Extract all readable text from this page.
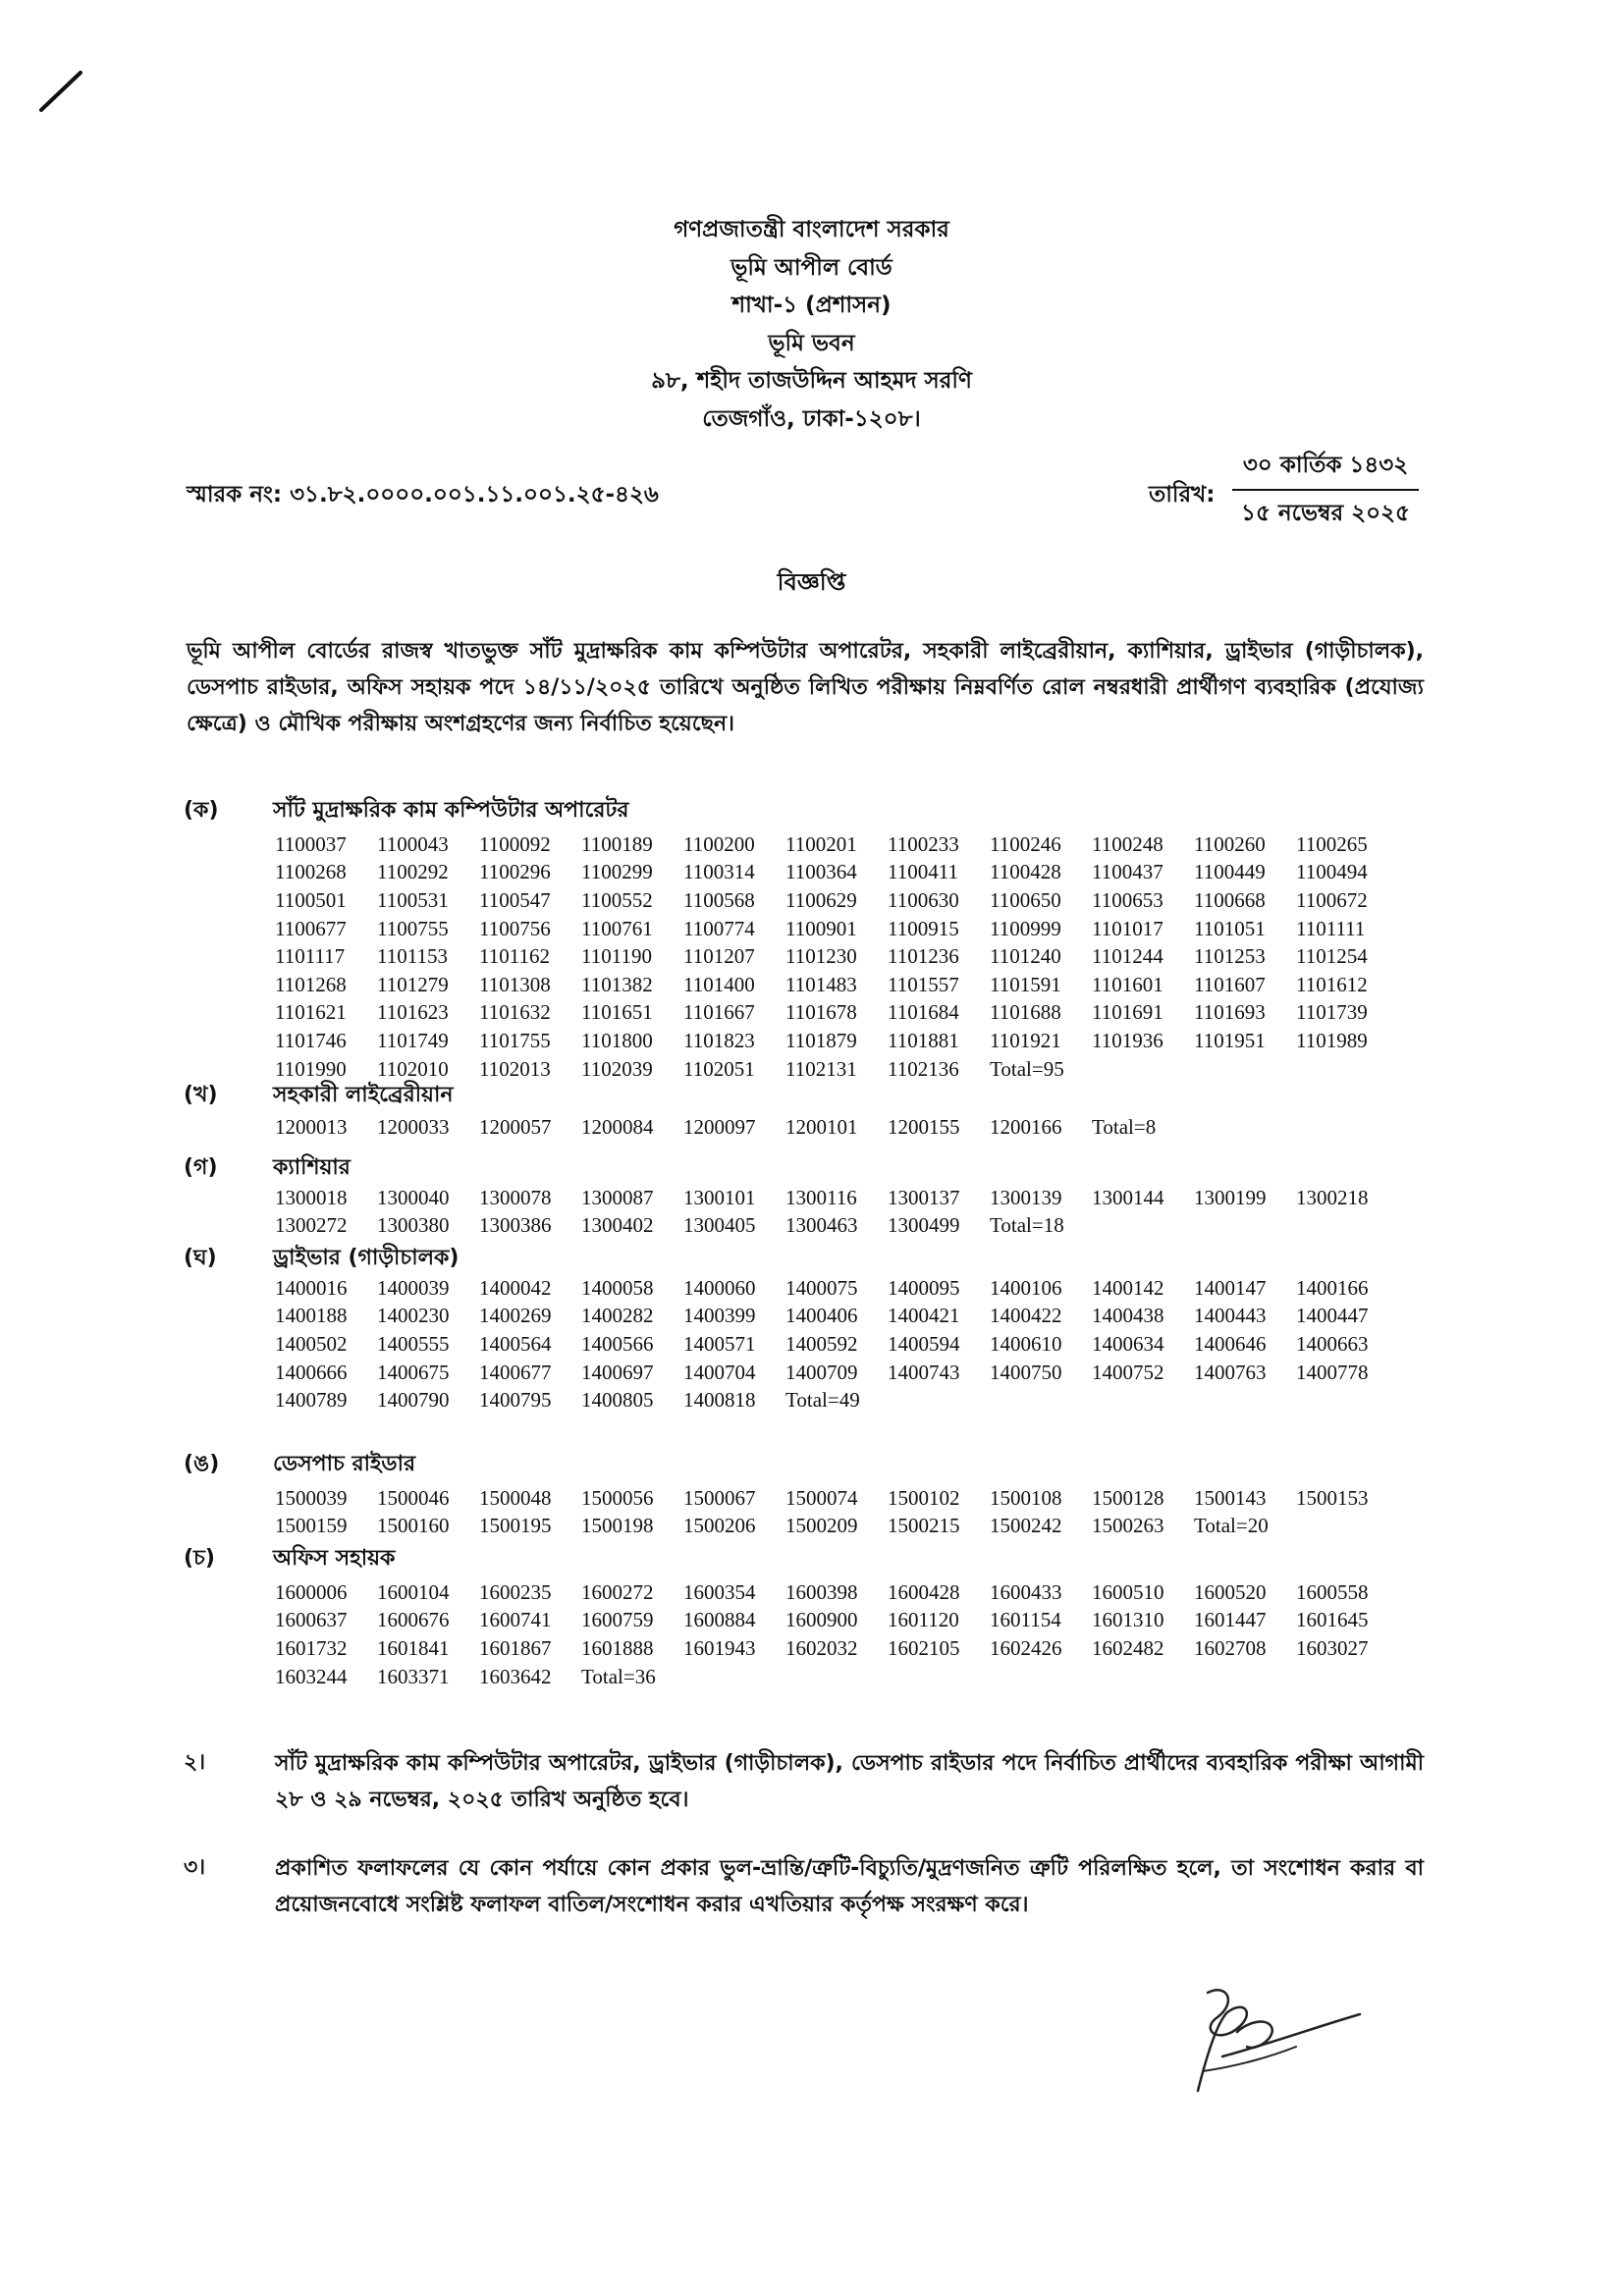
গণপ্রজাতন্ত্রী বাংলাদেশ সরকার
ভূমি আপীল বোর্ড
শাখা-১ (প্রশাসন)
ভূমি ভবন
৯৮, শহীদ তাজউদ্দিন আহমদ সরণি
তেজগাঁও, ঢাকা-১২০৮।
স্মারক নং: ৩১.৮২.০০০০.০০১.১১.০০১.২৫-৪২৬	তারিখ:
৩০ কার্তিক ১৪৩২
১৫ নভেম্বর ২০২৫
বিজ্ঞপ্তি
ভূমি আপীল বোর্ডের রাজস্ব খাতভুক্ত সাঁট মুদ্রাক্ষরিক কাম কম্পিউটার অপারেটর, সহকারী লাইব্রেরীয়ান, ক্যাশিয়ার, ড্রাইভার (গাড়ীচালক), ডেসপাচ রাইডার, অফিস সহায়ক পদে ১৪/১১/২০২৫ তারিখে অনুষ্ঠিত লিখিত পরীক্ষায় নিম্নবর্ণিত রোল নম্বরধারী প্রার্থীগণ ব্যবহারিক (প্রযোজ্য ক্ষেত্রে) ও মৌখিক পরীক্ষায় অংশগ্রহণের জন্য নির্বাচিত হয়েছেন।
(ক)	সাঁট মুদ্রাক্ষরিক কাম কম্পিউটার অপারেটর
1100037	1100043	1100092	1100189	1100200	1100201	1100233	1100246	1100248	1100260	1100265
1100268	1100292	1100296	1100299	1100314	1100364	1100411	1100428	1100437	1100449	1100494
1100501	1100531	1100547	1100552	1100568	1100629	1100630	1100650	1100653	1100668	1100672
1100677	1100755	1100756	1100761	1100774	1100901	1100915	1100999	1101017	1101051	1101111
1101117	1101153	1101162	1101190	1101207	1101230	1101236	1101240	1101244	1101253	1101254
1101268	1101279	1101308	1101382	1101400	1101483	1101557	1101591	1101601	1101607	1101612
1101621	1101623	1101632	1101651	1101667	1101678	1101684	1101688	1101691	1101693	1101739
1101746	1101749	1101755	1101800	1101823	1101879	1101881	1101921	1101936	1101951	1101989
1101990	1102010	1102013	1102039	1102051	1102131	1102136	Total=95
(খ)	সহকারী লাইব্রেরীয়ান
1200013	1200033	1200057	1200084	1200097	1200101	1200155	1200166	Total=8
(গ)	ক্যাশিয়ার
1300018	1300040	1300078	1300087	1300101	1300116	1300137	1300139	1300144	1300199	1300218
1300272	1300380	1300386	1300402	1300405	1300463	1300499	Total=18
(ঘ)	ড্রাইভার (গাড়ীচালক)
1400016	1400039	1400042	1400058	1400060	1400075	1400095	1400106	1400142	1400147	1400166
1400188	1400230	1400269	1400282	1400399	1400406	1400421	1400422	1400438	1400443	1400447
1400502	1400555	1400564	1400566	1400571	1400592	1400594	1400610	1400634	1400646	1400663
1400666	1400675	1400677	1400697	1400704	1400709	1400743	1400750	1400752	1400763	1400778
1400789	1400790	1400795	1400805	1400818	Total=49
(ঙ) ডেসপাচ রাইডার
1500039	1500046	1500048	1500056	1500067	1500074	1500102	1500108	1500128	1500143	1500153
1500159	1500160	1500195	1500198	1500206	1500209	1500215	1500242	1500263	Total=20
(চ)	অফিস সহায়ক
1600006	1600104	1600235	1600272	1600354	1600398	1600428	1600433	1600510	1600520	1600558
1600637	1600676	1600741	1600759	1600884	1600900	1601120	1601154	1601310	1601447	1601645
1601732	1601841	1601867	1601888	1601943	1602032	1602105	1602426	1602482	1602708	1603027
1603244	1603371	1603642	Total=36
২।	সাঁট মুদ্রাক্ষরিক কাম কম্পিউটার অপারেটর, ড্রাইভার (গাড়ীচালক), ডেসপাচ রাইডার পদে নির্বাচিত প্রার্থীদের ব্যবহারিক পরীক্ষা আগামী ২৮ ও ২৯ নভেম্বর, ২০২৫ তারিখ অনুষ্ঠিত হবে।
৩।	প্রকাশিত ফলাফলের যে কোন পর্যায়ে কোন প্রকার ভুল-ভ্রান্তি/ত্রুটি-বিচ্যুতি/মুদ্রণজনিত ত্রুটি পরিলক্ষিত হলে, তা সংশোধন করার বা প্রয়োজনবোধে সংশ্লিষ্ট ফলাফল বাতিল/সংশোধন করার এখতিয়ার কর্তৃপক্ষ সংরক্ষণ করে।
